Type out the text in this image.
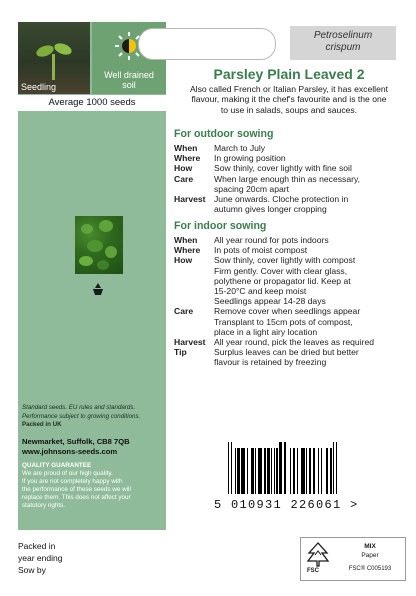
Seedling
Well drained
soil
Average 1000 seeds
Standard seeds. EU rules and standards.
Performance subject to growing conditions.
Packed in UK
Newmarket, Suffolk, CB8 7QB
www.johnsons-seeds.com
QUALITY GUARANTEE
We are proud of our high quality.
If you are not completely happy with
the performance of these seeds we will
replace them. This does not affect your
statutory rights.
Packed in
year ending
Sow by
Petroselinum
crispum
Parsley Plain Leaved 2
Also called French or Italian Parsley, it has excellent
flavour, making it the chef's favourite and is the one
to use in salads, soups and sauces.
For outdoor sowing
When	March to July
Where	In growing position
How	Sow thinly, cover lightly with fine soil
Care	When large enough thin as necessary,
spacing 20cm apart
Harvest June onwards. Cloche protection in
autumn gives longer cropping
For indoor sowing
When	All year round for pots indoors
Where	In pots of moist compost
How	Sow thinly, cover lightly with compost
Firm gently. Cover with clear glass,
polythene or propagator lid. Keep at
15-20°C and keep moist
Seedlings appear 14-28 days
Care	Remove cover when seedlings appear
Transplant to 15cm pots of compost,
place in a light airy location
Harvest All year round, pick the leaves as required
Tip	Surplus leaves can be dried but better
flavour is retained by freezing
5 010931 226061 >
FSC
MIX
Paper
FSC® C005193
